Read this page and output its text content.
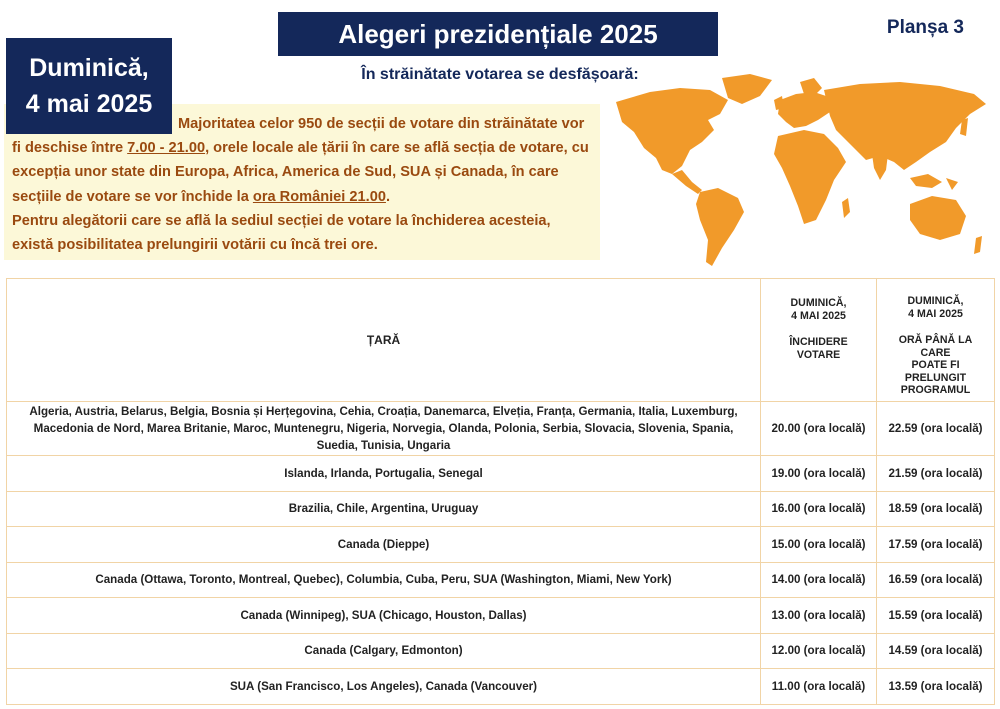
Alegeri prezidențiale 2025	Planșa 3
Duminică,
4 mai 2025
În străinătate votarea se desfășoară:
Majoritatea celor 950 de secții de votare din străinătate vor fi deschise între 7.00 - 21.00, orele locale ale țării în care se află secția de votare, cu excepția unor state din Europa, Africa, America de Sud, SUA și Canada, în care secțiile de votare se vor închide la ora României 21.00.
Pentru alegătorii care se află la sediul secției de votare la închiderea acesteia, există posibilitatea prelungirii votării cu încă trei ore.
ȚARĂ	DUMINICĂ,
4 MAI 2025
ÎNCHIDERE
VOTARE	DUMINICĂ,
4 MAI 2025
ORĂ PÂNĂ LA CARE
POATE FI PRELUNGIT
PROGRAMUL
Algeria, Austria, Belarus, Belgia, Bosnia și Herțegovina, Cehia, Croația, Danemarca, Elveția, Franța, Germania, Italia, Luxemburg, Macedonia de Nord, Marea Britanie, Maroc, Muntenegru, Nigeria, Norvegia, Olanda, Polonia, Serbia, Slovacia, Slovenia, Spania, Suedia, Tunisia, Ungaria	20.00 (ora locală)	22.59 (ora locală)
Islanda, Irlanda, Portugalia, Senegal	19.00 (ora locală)	21.59 (ora locală)
Brazilia, Chile, Argentina, Uruguay	16.00 (ora locală)	18.59 (ora locală)
Canada (Dieppe)	15.00 (ora locală)	17.59 (ora locală)
Canada (Ottawa, Toronto, Montreal, Quebec), Columbia, Cuba, Peru, SUA (Washington, Miami, New York)	14.00 (ora locală)	16.59 (ora locală)
Canada (Winnipeg), SUA (Chicago, Houston, Dallas)	13.00 (ora locală)	15.59 (ora locală)
Canada (Calgary, Edmonton)	12.00 (ora locală)	14.59 (ora locală)
SUA (San Francisco, Los Angeles), Canada (Vancouver)	11.00 (ora locală)	13.59 (ora locală)
